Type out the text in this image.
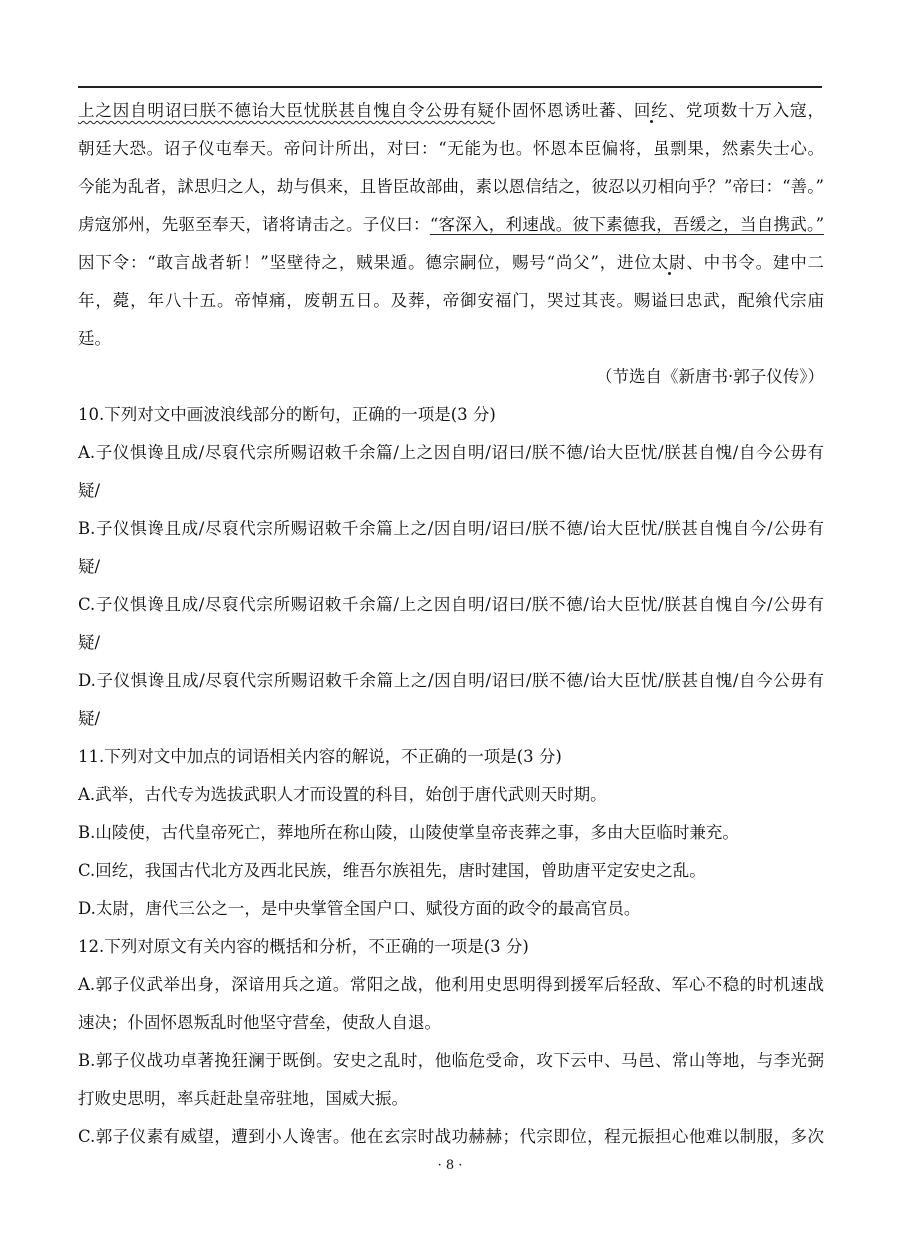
上之因自明诏曰朕不德诒大臣忧朕甚自愧自令公毋有疑仆固怀恩诱吐蕃、回纥、党项数十万入寇，
朝廷大恐。诏子仪屯奉天。帝问计所出，对曰：“无能为也。怀恩本臣偏将，虽剽果，然素失士心。
今能为乱者，訹思归之人，劫与俱来，且皆臣故部曲，素以恩信结之，彼忍以刃相向乎？”帝曰：“善。”
虏寇邠州，先驱至奉天，诸将请击之。子仪曰：“客深入，利速战。彼下素德我，吾缓之，当自携武。”
因下令：“敢言战者斩！”坚壁待之，贼果遁。德宗嗣位，赐号“尚父”，进位太尉、中书令。建中二
年，薨，年八十五。帝悼痛，废朝五日。及葬，帝御安福门，哭过其丧。赐谥曰忠武，配飨代宗庙
廷。
（节选自《新唐书·郭子仪传》）
10.下列对文中画波浪线部分的断句，正确的一项是(3 分)
A.子仪惧谗且成/尽裒代宗所赐诏敕千余篇/上之因自明/诏曰/朕不德/诒大臣忧/朕甚自愧/自今公毋有
疑/
B.子仪惧谗且成/尽裒代宗所赐诏敕千余篇上之/因自明/诏曰/朕不德/诒大臣忧/朕甚自愧自今/公毋有
疑/
C.子仪惧谗且成/尽裒代宗所赐诏敕千余篇/上之因自明/诏曰/朕不德/诒大臣忧/朕甚自愧自今/公毋有
疑/
D.子仪惧谗且成/尽裒代宗所赐诏敕千余篇上之/因自明/诏曰/朕不德/诒大臣忧/朕甚自愧/自今公毋有
疑/
11.下列对文中加点的词语相关内容的解说，不正确的一项是(3 分)
A.武举，古代专为选拔武职人才而设置的科目，始创于唐代武则天时期。
B.山陵使，古代皇帝死亡，葬地所在称山陵，山陵使掌皇帝丧葬之事，多由大臣临时兼充。
C.回纥，我国古代北方及西北民族，维吾尔族祖先，唐时建国，曾助唐平定安史之乱。
D.太尉，唐代三公之一，是中央掌管全国户口、赋役方面的政令的最高官员。
12.下列对原文有关内容的概括和分析，不正确的一项是(3 分)
A.郭子仪武举出身，深谙用兵之道。常阳之战，他利用史思明得到援军后轻敌、军心不稳的时机速战
速决；仆固怀恩叛乱时他坚守营垒，使敌人自退。
B.郭子仪战功卓著挽狂澜于既倒。安史之乱时，他临危受命，攻下云中、马邑、常山等地，与李光弼
打败史思明，率兵赶赴皇帝驻地，国威大振。
C.郭子仪素有威望，遭到小人谗害。他在玄宗时战功赫赫；代宗即位，程元振担心他难以制服，多次
· 8 ·
